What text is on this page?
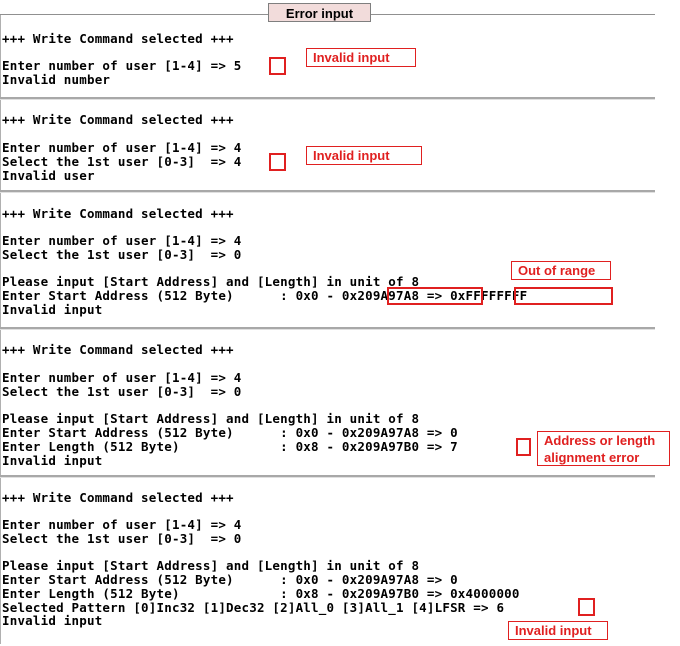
Error input
+++ Write Command selected +++
Enter number of user [1-4] => 5
Invalid number
Invalid input
+++ Write Command selected +++
Enter number of user [1-4] => 4
Select the 1st user [0-3]  => 4
Invalid user
Invalid input
+++ Write Command selected +++
Enter number of user [1-4] => 4
Select the 1st user [0-3]  => 0
Please input [Start Address] and [Length] in unit of 8
Enter Start Address (512 Byte)      : 0x0 - 0x209A97A8 => 0xFFFFFFFF
Invalid input
Out of range
+++ Write Command selected +++
Enter number of user [1-4] => 4
Select the 1st user [0-3]  => 0
Please input [Start Address] and [Length] in unit of 8
Enter Start Address (512 Byte)      : 0x0 - 0x209A97A8 => 0
Enter Length (512 Byte)             : 0x8 - 0x209A97B0 => 7
Invalid input
Address or length
alignment error
+++ Write Command selected +++
Enter number of user [1-4] => 4
Select the 1st user [0-3]  => 0
Please input [Start Address] and [Length] in unit of 8
Enter Start Address (512 Byte)      : 0x0 - 0x209A97A8 => 0
Enter Length (512 Byte)             : 0x8 - 0x209A97B0 => 0x4000000
Selected Pattern [0]Inc32 [1]Dec32 [2]All_0 [3]All_1 [4]LFSR => 6
Invalid input
Invalid input
